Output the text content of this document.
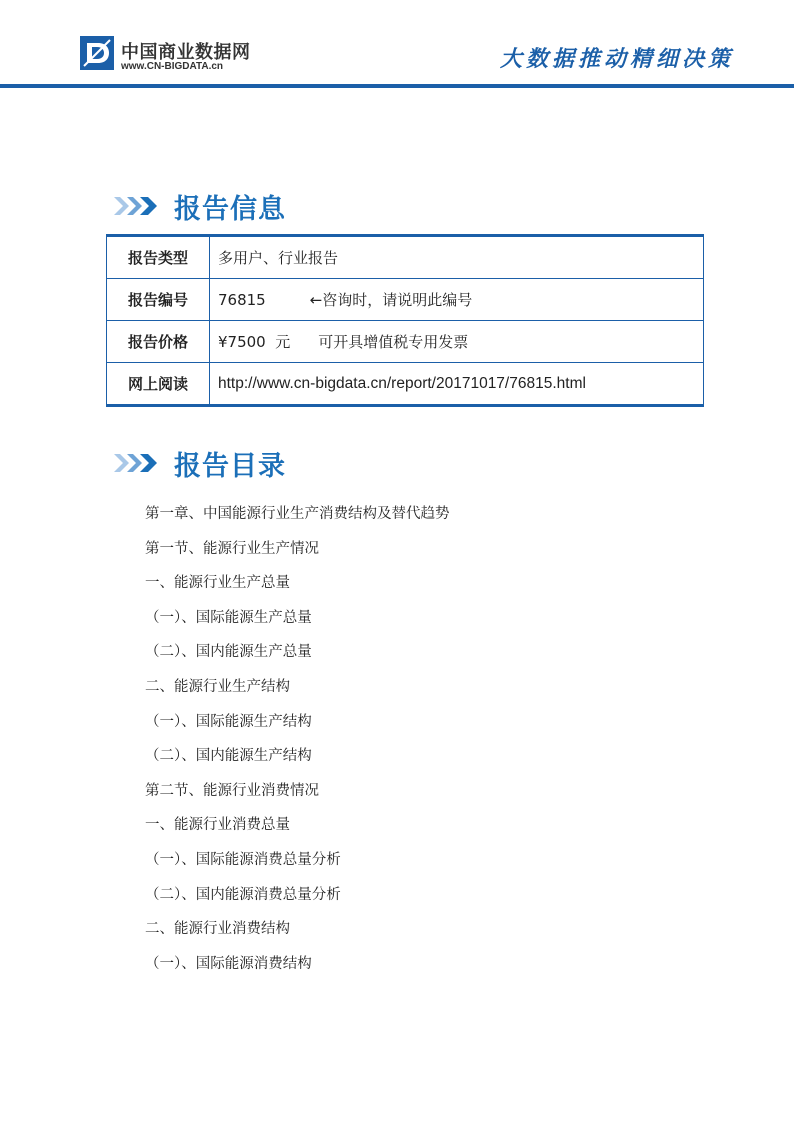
中国商业数据网
www.CN-BIGDATA.cn	大数据推动精细决策
报告信息
报告类型	多用户、行业报告
报告编号	76815 ←咨询时，请说明此编号
报告价格	¥7500  元 可开具增值税专用发票
网上阅读	http://www.cn-bigdata.cn/report/20171017/76815.html
报告目录
第一章、中国能源行业生产消费结构及替代趋势
第一节、能源行业生产情况
一、能源行业生产总量
（一）、国际能源生产总量
（二）、国内能源生产总量
二、能源行业生产结构
（一）、国际能源生产结构
（二）、国内能源生产结构
第二节、能源行业消费情况
一、能源行业消费总量
（一）、国际能源消费总量分析
（二）、国内能源消费总量分析
二、能源行业消费结构
（一）、国际能源消费结构
